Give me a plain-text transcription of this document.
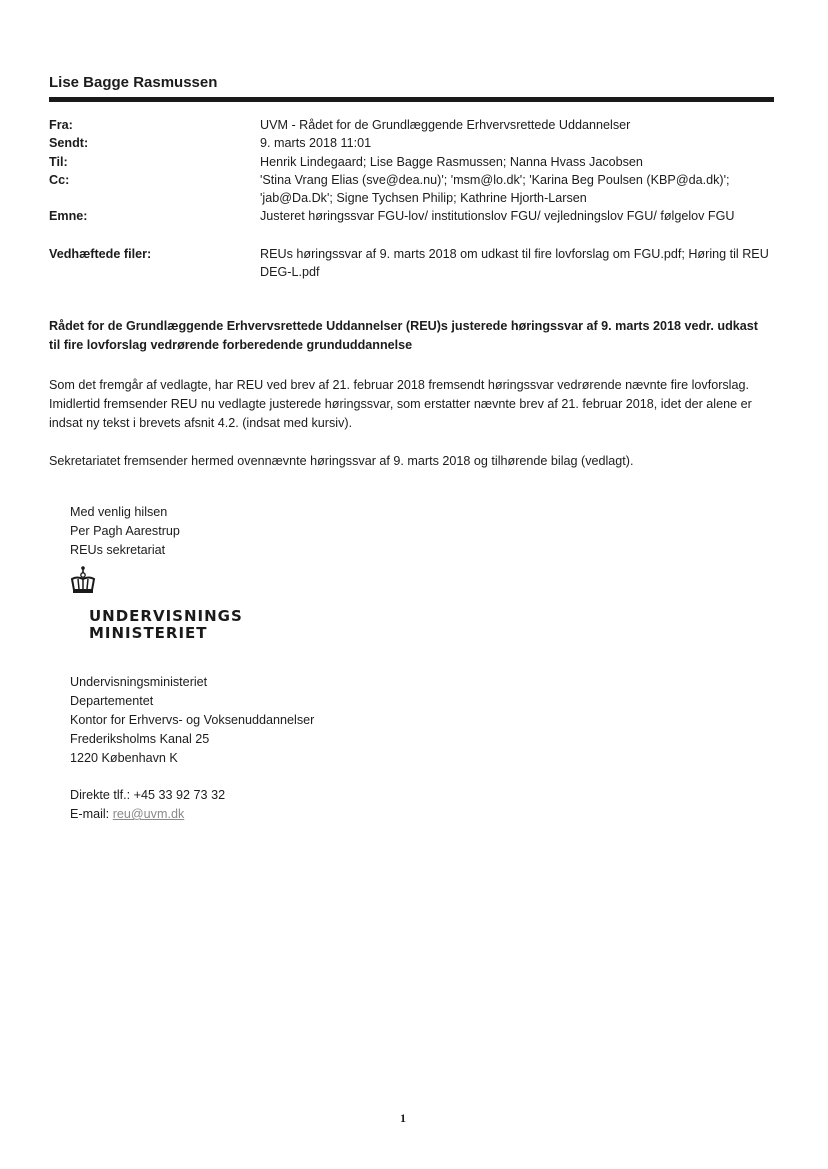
Lise Bagge Rasmussen
Fra:	UVM - Rådet for de Grundlæggende Erhvervsrettede Uddannelser
Sendt:	9. marts 2018 11:01
Til:	Henrik Lindegaard; Lise Bagge Rasmussen; Nanna Hvass Jacobsen
Cc:	'Stina Vrang Elias (sve@dea.nu)'; 'msm@lo.dk'; 'Karina Beg Poulsen (KBP@da.dk)'; 'jab@Da.Dk'; Signe Tychsen Philip; Kathrine Hjorth-Larsen
Emne:	Justeret høringssvar FGU-lov/ institutionslov FGU/ vejledningslov FGU/ følgelov FGU
Vedhæftede filer:	REUs høringssvar af 9. marts 2018 om udkast til fire lovforslag om FGU.pdf; Høring til REU DEG-L.pdf
Rådet for de Grundlæggende Erhvervsrettede Uddannelser (REU)s justerede høringssvar af 9. marts 2018 vedr. udkast til fire lovforslag vedrørende forberedende grunduddannelse
Som det fremgår af vedlagte, har REU ved brev af 21. februar 2018 fremsendt høringssvar vedrørende nævnte fire lovforslag. Imidlertid fremsender REU nu vedlagte justerede høringssvar, som erstatter nævnte brev af 21. februar 2018, idet der alene er indsat ny tekst i brevets afsnit 4.2. (indsat med kursiv).
Sekretariatet fremsender hermed ovennævnte høringssvar af 9. marts 2018 og tilhørende bilag (vedlagt).
Med venlig hilsen
Per Pagh Aarestrup
REUs sekretariat
UNDERVISNINGS
MINISTERIET
Undervisningsministeriet
Departementet
Kontor for Erhvervs- og Voksenuddannelser
Frederiksholms Kanal 25
1220 København K
Direkte tlf.: +45 33 92 73 32
E-mail: reu@uvm.dk
1
